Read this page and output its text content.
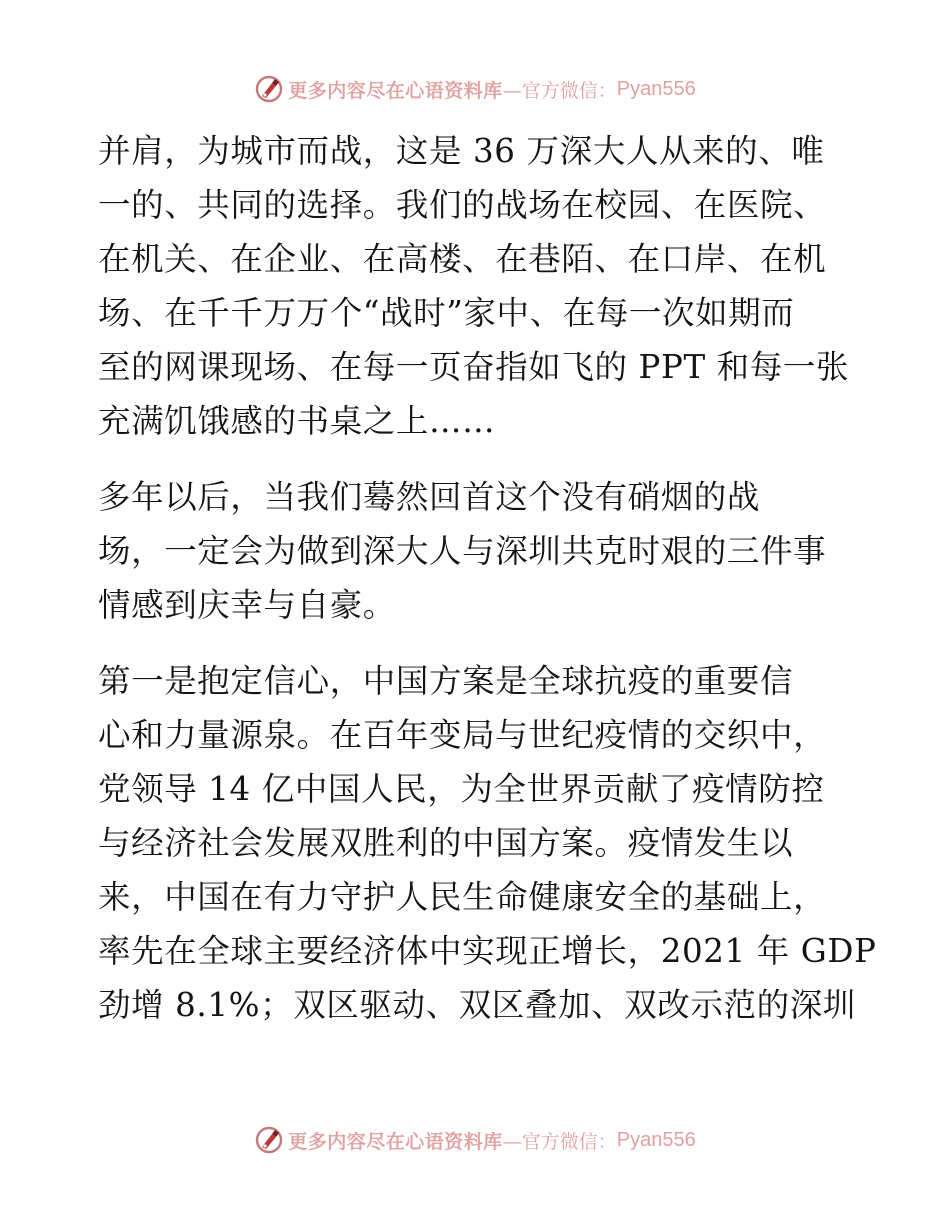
更多内容尽在心语资料库 —官方微信： Pyan556
并肩，为城市而战，这是 36 万深大人从来的、唯
一的、共同的选择。我们的战场在校园、在医院、
在机关、在企业、在高楼、在巷陌、在口岸、在机
场、在千千万万个“战时”家中、在每一次如期而
至的网课现场、在每一页奋指如飞的 PPT 和每一张
充满饥饿感的书桌之上……
多年以后，当我们蓦然回首这个没有硝烟的战
场，一定会为做到深大人与深圳共克时艰的三件事
情感到庆幸与自豪。
第一是抱定信心，中国方案是全球抗疫的重要信
心和力量源泉。在百年变局与世纪疫情的交织中，
党领导 14 亿中国人民，为全世界贡献了疫情防控
与经济社会发展双胜利的中国方案。疫情发生以
来，中国在有力守护人民生命健康安全的基础上，
率先在全球主要经济体中实现正增长，2021 年 GDP
劲增 8.1%；双区驱动、双区叠加、双改示范的深圳
更多内容尽在心语资料库 —官方微信： Pyan556
